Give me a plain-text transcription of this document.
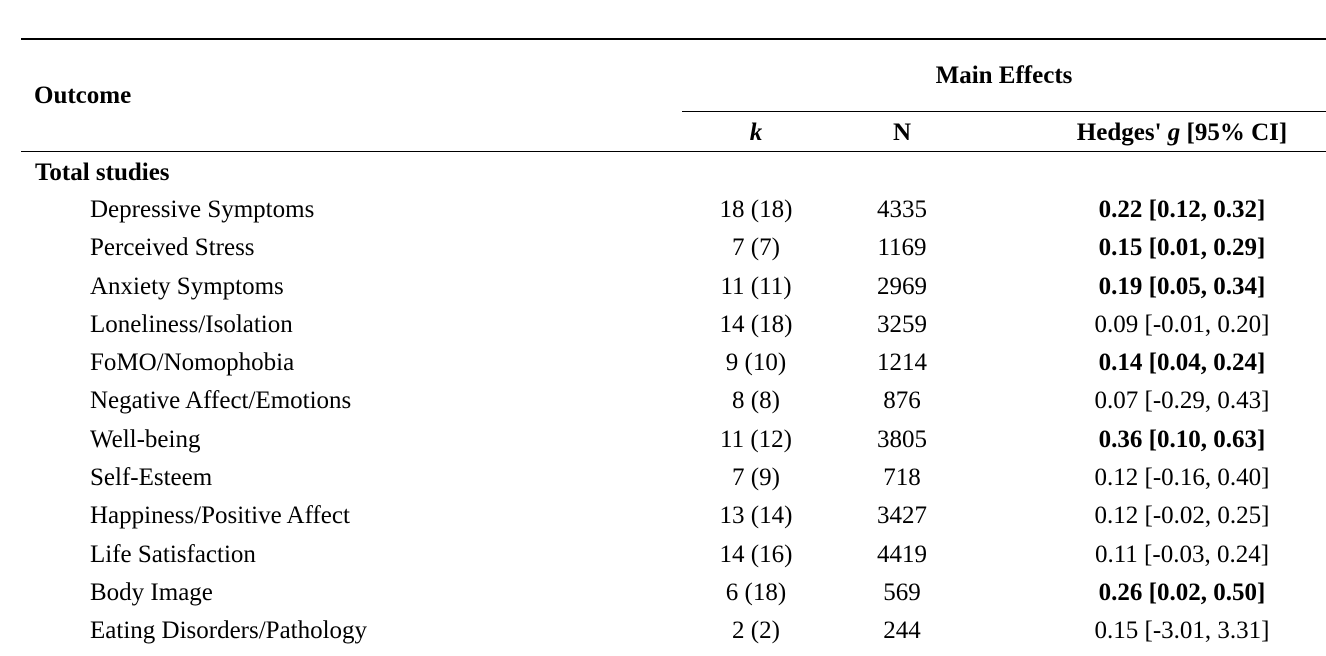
Outcome
Main Effects
k	N	Hedges' g [95% CI]
Total studies
Depressive Symptoms	18 (18)	4335	0.22 [0.12, 0.32]
Perceived Stress	7 (7)	1169	0.15 [0.01, 0.29]
Anxiety Symptoms	11 (11)	2969	0.19 [0.05, 0.34]
Loneliness/Isolation	14 (18)	3259	0.09 [-0.01, 0.20]
FoMO/Nomophobia	9 (10)	1214	0.14 [0.04, 0.24]
Negative Affect/Emotions	8 (8)	876	0.07 [-0.29, 0.43]
Well-being	11 (12)	3805	0.36 [0.10, 0.63]
Self-Esteem	7 (9)	718	0.12 [-0.16, 0.40]
Happiness/Positive Affect	13 (14)	3427	0.12 [-0.02, 0.25]
Life Satisfaction	14 (16)	4419	0.11 [-0.03, 0.24]
Body Image	6 (18)	569	0.26 [0.02, 0.50]
Eating Disorders/Pathology	2 (2)	244	0.15 [-3.01, 3.31]
